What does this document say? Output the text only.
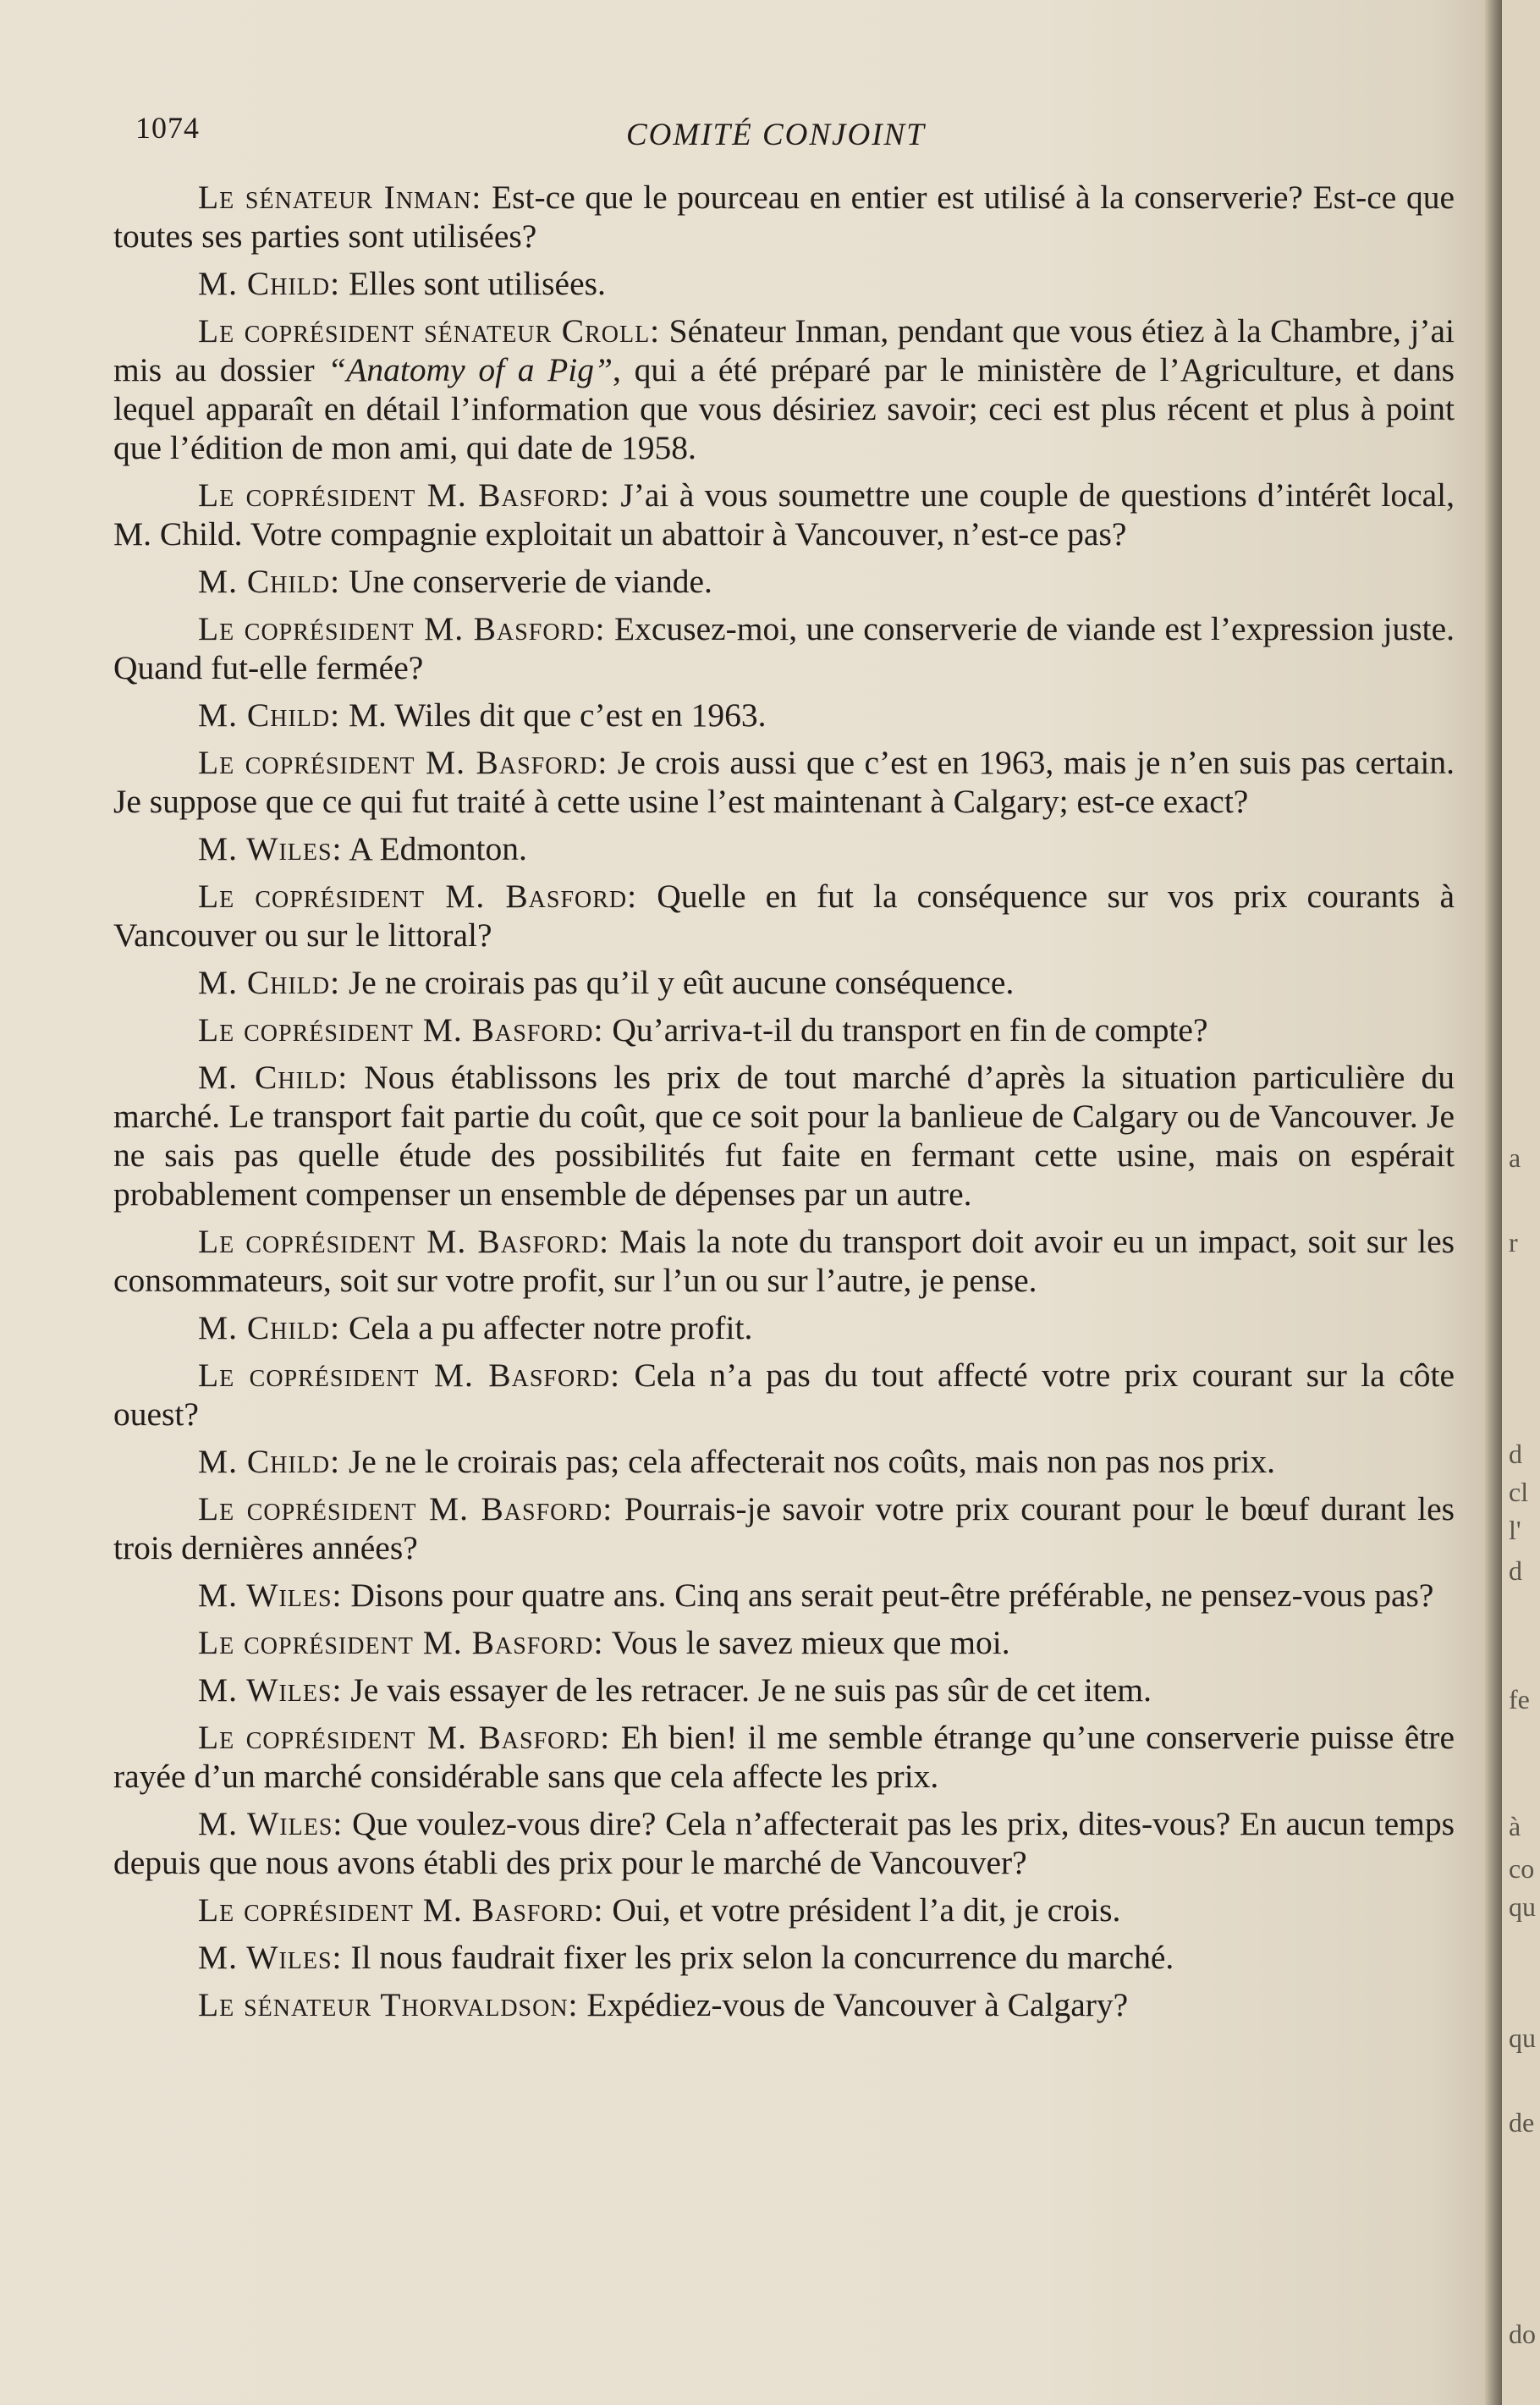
1074	COMITÉ CONJOINT

Le sénateur Inman: Est-ce que le pourceau en entier est utilisé à la conserverie? Est-ce que toutes ses parties sont utilisées?

M. Child: Elles sont utilisées.

Le coprésident sénateur Croll: Sénateur Inman, pendant que vous étiez à la Chambre, j’ai mis au dossier “Anatomy of a Pig”, qui a été préparé par le ministère de l’Agriculture, et dans lequel apparaît en détail l’information que vous désiriez savoir; ceci est plus récent et plus à point que l’édition de mon ami, qui date de 1958.

Le coprésident M. Basford: J’ai à vous soumettre une couple de questions d’intérêt local, M. Child. Votre compagnie exploitait un abattoir à Vancouver, n’est-ce pas?

M. Child: Une conserverie de viande.

Le coprésident M. Basford: Excusez-moi, une conserverie de viande est l’expression juste. Quand fut-elle fermée?

M. Child: M. Wiles dit que c’est en 1963.

Le coprésident M. Basford: Je crois aussi que c’est en 1963, mais je n’en suis pas certain. Je suppose que ce qui fut traité à cette usine l’est maintenant à Calgary; est-ce exact?

M. Wiles: A Edmonton.

Le coprésident M. Basford: Quelle en fut la conséquence sur vos prix courants à Vancouver ou sur le littoral?

M. Child: Je ne croirais pas qu’il y eût aucune conséquence.

Le coprésident M. Basford: Qu’arriva-t-il du transport en fin de compte?

M. Child: Nous établissons les prix de tout marché d’après la situation particulière du marché. Le transport fait partie du coût, que ce soit pour la banlieue de Calgary ou de Vancouver. Je ne sais pas quelle étude des possibilités fut faite en fermant cette usine, mais on espérait probablement compenser un ensemble de dépenses par un autre.

Le coprésident M. Basford: Mais la note du transport doit avoir eu un impact, soit sur les consommateurs, soit sur votre profit, sur l’un ou sur l’autre, je pense.

M. Child: Cela a pu affecter notre profit.

Le coprésident M. Basford: Cela n’a pas du tout affecté votre prix courant sur la côte ouest?

M. Child: Je ne le croirais pas; cela affecterait nos coûts, mais non pas nos prix.

Le coprésident M. Basford: Pourrais-je savoir votre prix courant pour le bœuf durant les trois dernières années?

M. Wiles: Disons pour quatre ans. Cinq ans serait peut-être préférable, ne pensez-vous pas?

Le coprésident M. Basford: Vous le savez mieux que moi.

M. Wiles: Je vais essayer de les retracer. Je ne suis pas sûr de cet item.

Le coprésident M. Basford: Eh bien! il me semble étrange qu’une conserverie puisse être rayée d’un marché considérable sans que cela affecte les prix.

M. Wiles: Que voulez-vous dire? Cela n’affecterait pas les prix, dites-vous? En aucun temps depuis que nous avons établi des prix pour le marché de Vancouver?

Le coprésident M. Basford: Oui, et votre président l’a dit, je crois.

M. Wiles: Il nous faudrait fixer les prix selon la concurrence du marché.

Le sénateur Thorvaldson: Expédiez-vous de Vancouver à Calgary?

a
r
d
cl
l'
d
fe
à
co
qu
qu
de
do
